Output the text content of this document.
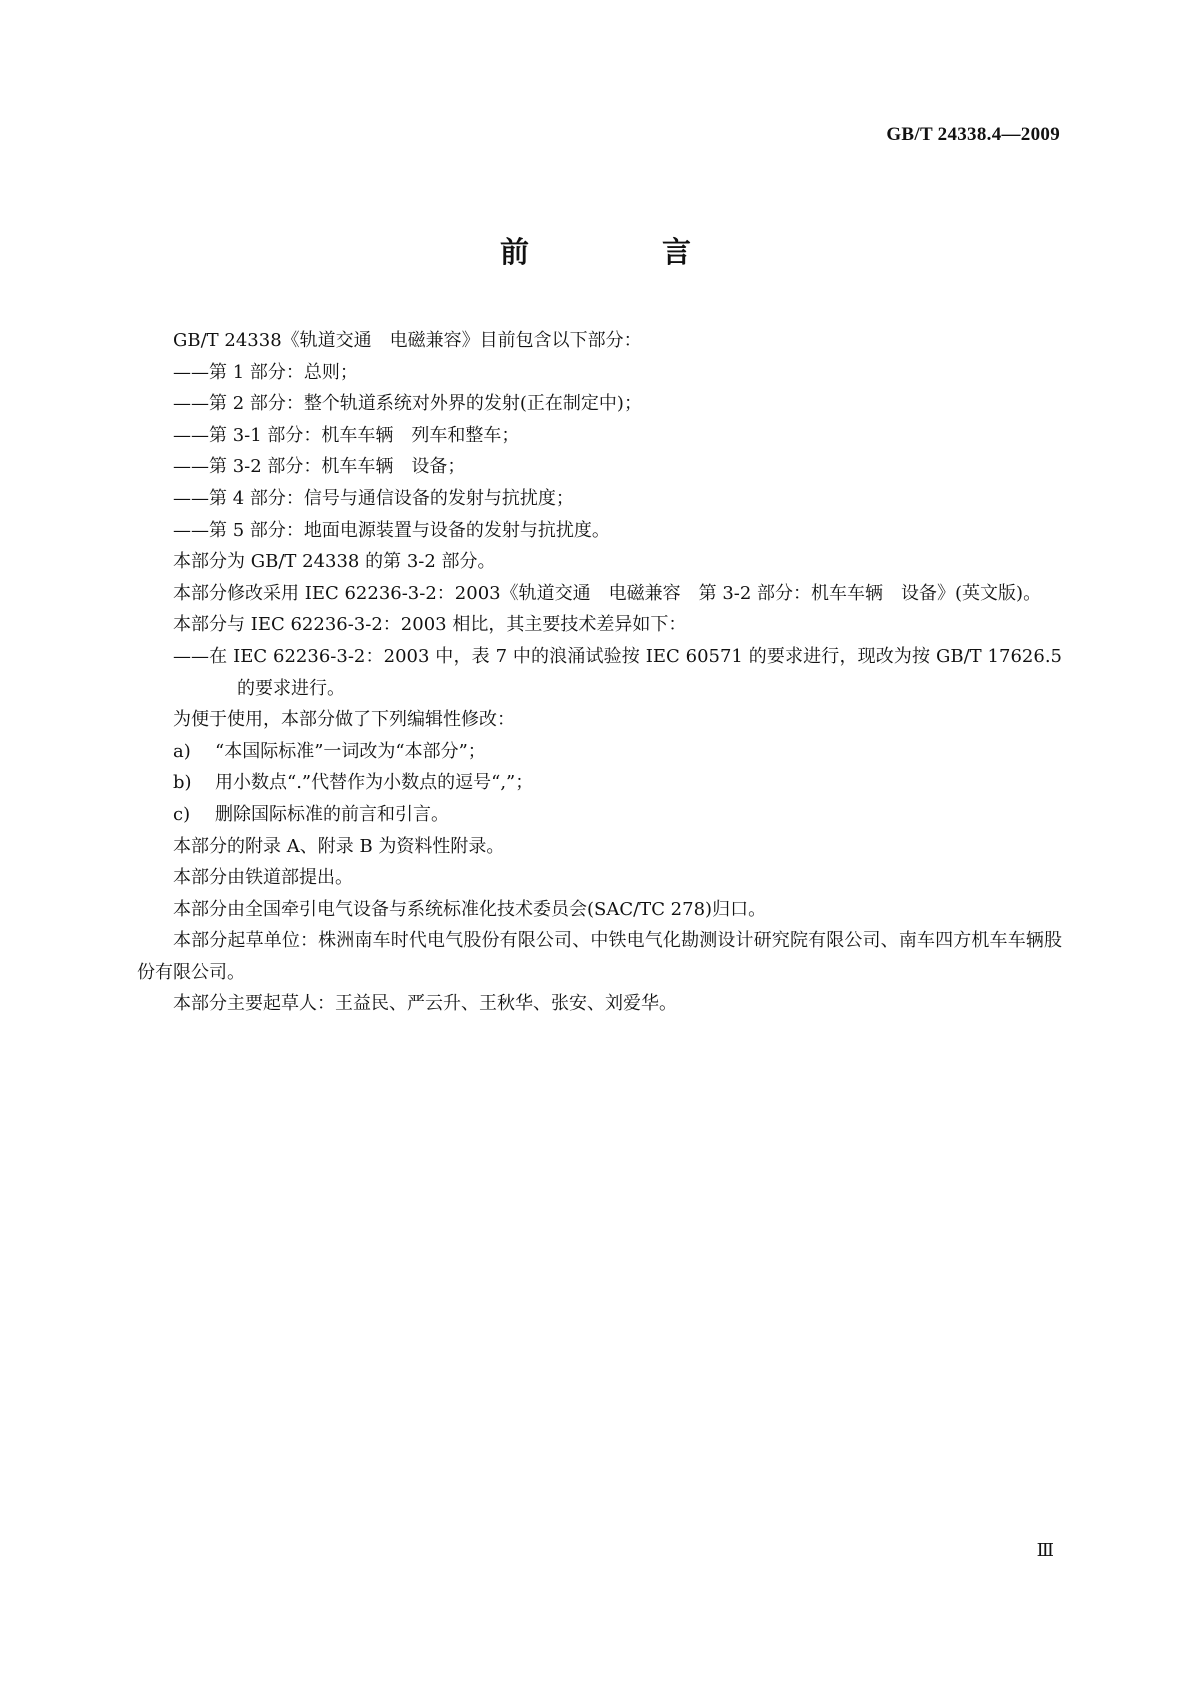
GB/T 24338.4—2009
前　言

GB/T 24338《轨道交通　电磁兼容》目前包含以下部分：

——第 1 部分：总则；

——第 2 部分：整个轨道系统对外界的发射(正在制定中)；

——第 3-1 部分：机车车辆　列车和整车；

——第 3-2 部分：机车车辆　设备；

——第 4 部分：信号与通信设备的发射与抗扰度；

——第 5 部分：地面电源装置与设备的发射与抗扰度。

本部分为 GB/T 24338 的第 3-2 部分。

本部分修改采用 IEC 62236-3-2：2003《轨道交通　电磁兼容　第 3-2 部分：机车车辆　设备》(英文版)。

本部分与 IEC 62236-3-2：2003 相比，其主要技术差异如下：

——在 IEC 62236-3-2：2003 中，表 7 中的浪涌试验按 IEC 60571 的要求进行，现改为按 GB/T 17626.5的要求进行。

为便于使用，本部分做了下列编辑性修改：

a) “本国际标准”一词改为“本部分”；

b) 用小数点“.”代替作为小数点的逗号“,”；

c) 删除国际标准的前言和引言。

本部分的附录 A、附录 B 为资料性附录。

本部分由铁道部提出。

本部分由全国牵引电气设备与系统标准化技术委员会(SAC/TC 278)归口。

本部分起草单位：株洲南车时代电气股份有限公司、中铁电气化勘测设计研究院有限公司、南车四方机车车辆股份有限公司。

本部分主要起草人：王益民、严云升、王秋华、张安、刘爱华。

Ⅲ
